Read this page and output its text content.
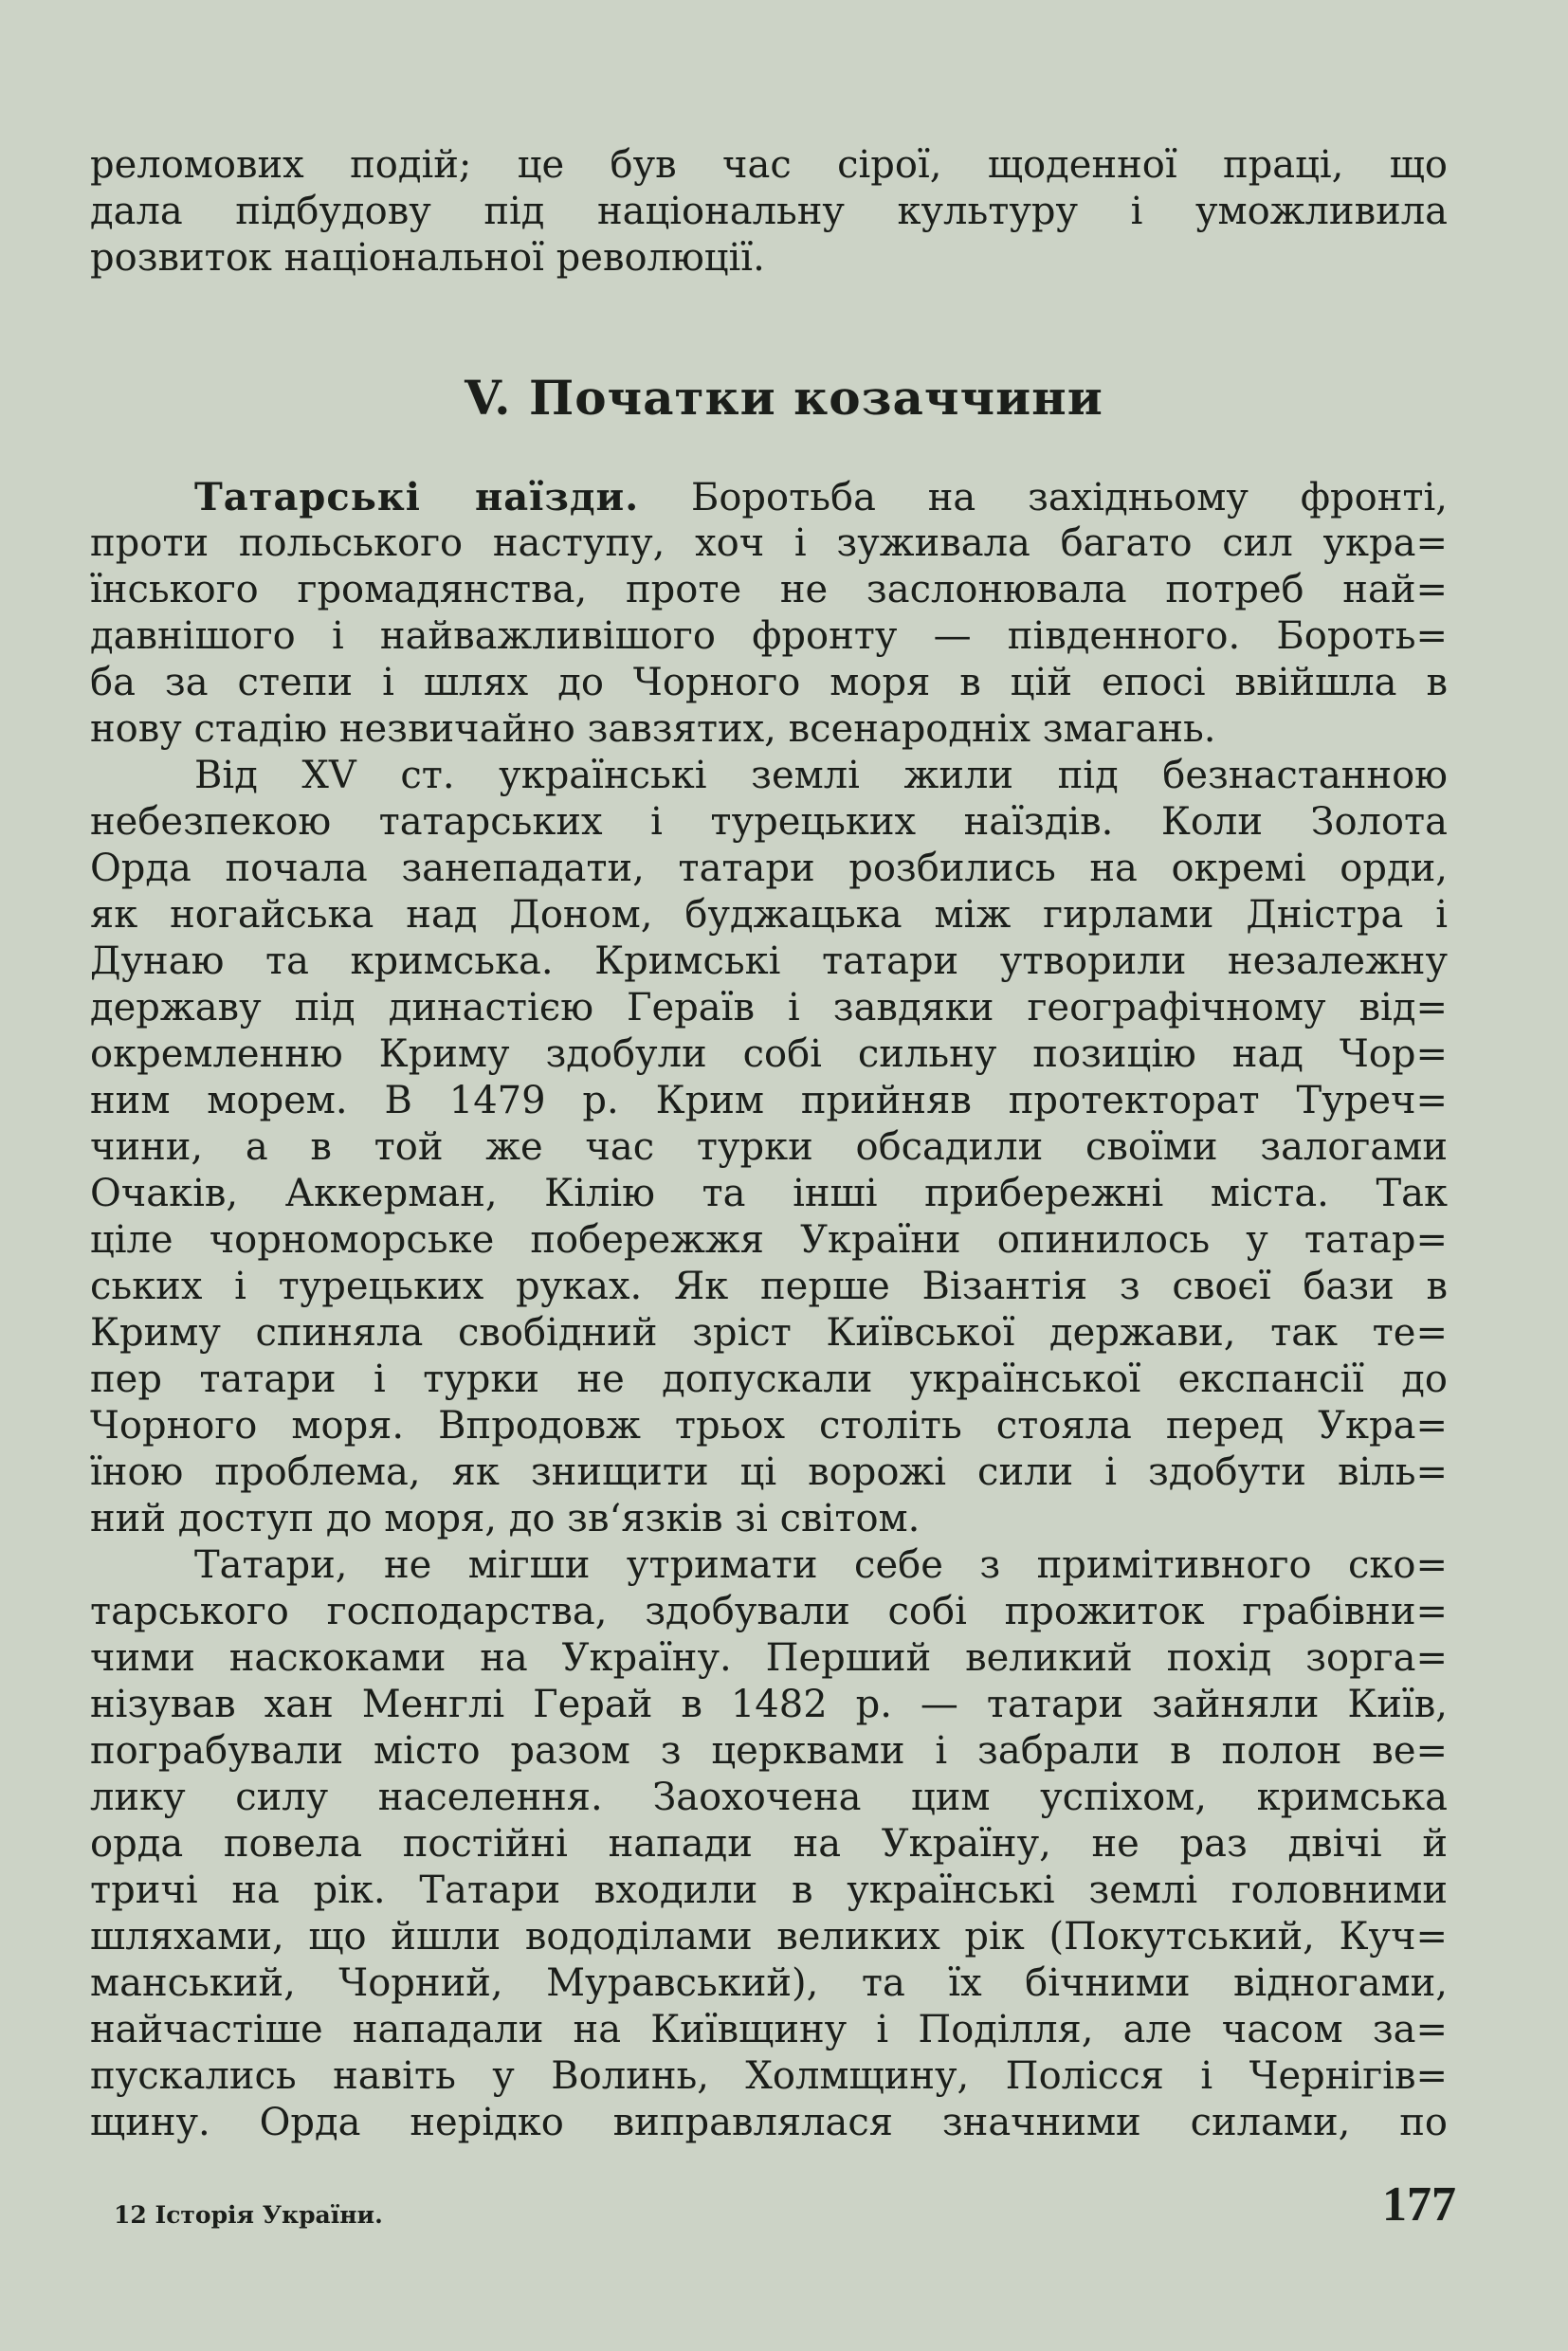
реломових подій; це був час сірої, щоденної праці, що
дала підбудову під національну культуру і уможливила
розвиток національної революції.
V. Початки козаччини
Татарські наїзди. Боротьба на західньому фронті,
проти польського наступу, хоч і зуживала багато сил укра=
їнського громадянства, проте не заслонювала потреб най=
давнішого і найважливішого фронту — південного. Бороть=
ба за степи і шлях до Чорного моря в цій епосі ввійшла в
нову стадію незвичайно завзятих, всенародніх змагань.
Від XV ст. українські землі жили під безнастанною
небезпекою татарських і турецьких наїздів. Коли Золота
Орда почала занепадати, татари розбились на окремі орди,
як ногайська над Доном, буджацька між гирлами Дністра і
Дунаю та кримська. Кримські татари утворили незалежну
державу під династією Гераїв і завдяки географічному від=
окремленню Криму здобули собі сильну позицію над Чор=
ним морем. В 1479 р. Крим прийняв протекторат Туреч=
чини, а в той же час турки обсадили своїми залогами
Очаків, Аккерман, Кілію та інші прибережні міста. Так
ціле чорноморське побережжя України опинилось у татар=
ських і турецьких руках. Як перше Візантія з своєї бази в
Криму спиняла свобідний зріст Київської держави, так те=
пер татари і турки не допускали української експансії до
Чорного моря. Впродовж трьох століть стояла перед Укра=
їною проблема, як знищити ці ворожі сили і здобути віль=
ний доступ до моря, до зв‘язків зі світом.
Татари, не мігши утримати себе з примітивного ско=
тарського господарства, здобували собі прожиток грабівни=
чими наскоками на Україну. Перший великий похід зорга=
нізував хан Менглі Герай в 1482 р. — татари зайняли Київ,
пограбували місто разом з церквами і забрали в полон ве=
лику силу населення. Заохочена цим успіхом, кримська
орда повела постійні напади на Україну, не раз двічі й
тричі на рік. Татари входили в українські землі головними
шляхами, що йшли вододілами великих рік (Покутський, Куч=
манський, Чорний, Муравський), та їх бічними відногами,
найчастіше нападали на Київщину і Поділля, але часом за=
пускались навіть у Волинь, Холмщину, Полісся і Чернігів=
щину. Орда нерідко виправлялася значними силами, по
12 Історія України.	177
